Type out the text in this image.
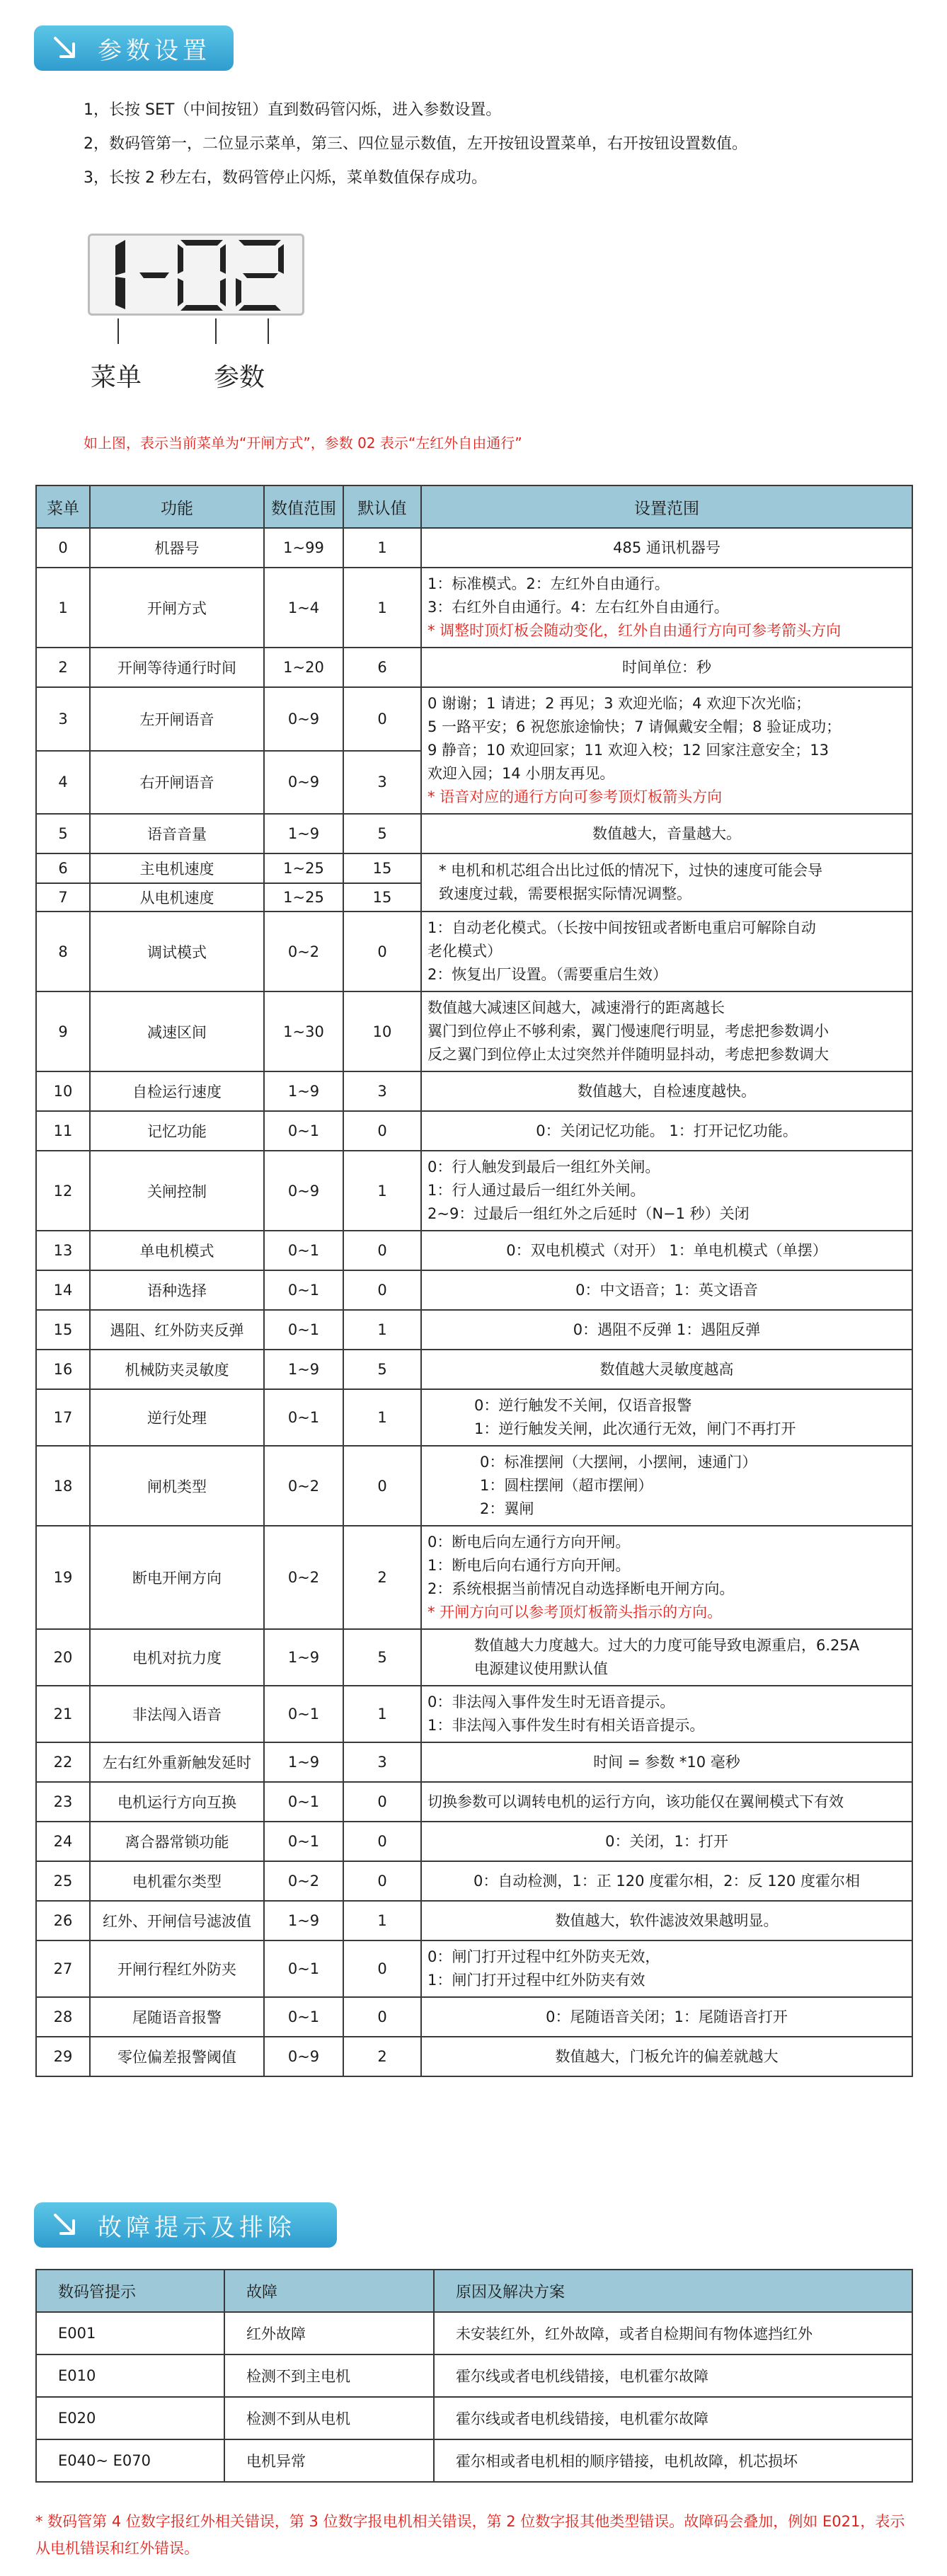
参数设置
1，长按 SET（中间按钮）直到数码管闪烁，进入参数设置。
2，数码管第一，二位显示菜单，第三、四位显示数值，左开按钮设置菜单，右开按钮设置数值。
3，长按 2 秒左右，数码管停止闪烁，菜单数值保存成功。
菜单	参数
如上图，表示当前菜单为“开闸方式”，参数 02 表示“左红外自由通行”
菜单	功能	数值范围	默认值	设置范围
0	机器号	1~99	1	485 通讯机器号

1	开闸方式	1~4	1	1：标准模式。2：左红外自由通行。
3：右红外自由通行。4：左右红外自由通行。
* 调整时顶灯板会随动变化，红外自由通行方向可参考箭头方向

2	开闸等待通行时间	1~20	6	时间单位：秒

3	左开闸语音	0~9	0	0 谢谢；1 请进；2 再见；3 欢迎光临；4 欢迎下次光临；
5 一路平安；6 祝您旅途愉快；7 请佩戴安全帽；8 验证成功；
9 静音；10 欢迎回家；11 欢迎入校；12 回家注意安全；13
欢迎入园；14 小朋友再见。
* 语音对应的通行方向可参考顶灯板箭头方向

4	右开闸语音	0~9	3	
5	语音音量	1~9	5	数值越大，音量越大。

6	主电机速度	1~25	15	* 电机和机芯组合出比过低的情况下，过快的速度可能会导
致速度过载，需要根据实际情况调整。

7	从电机速度	1~25	15	
8	调试模式	0~2	0	1：自动老化模式。（长按中间按钮或者断电重启可解除自动
老化模式）
2：恢复出厂设置。（需要重启生效）

9	减速区间	1~30	10	数值越大减速区间越大，减速滑行的距离越长
翼门到位停止不够利索，翼门慢速爬行明显，考虑把参数调小
反之翼门到位停止太过突然并伴随明显抖动，考虑把参数调大

10	自检运行速度	1~9	3	数值越大，自检速度越快。

11	记忆功能	0~1	0	0：关闭记忆功能。 1：打开记忆功能。

12	关闸控制	0~9	1	0：行人触发到最后一组红外关闸。
1：行人通过最后一组红外关闸。
2~9：过最后一组红外之后延时（N−1 秒）关闭

13	单电机模式	0~1	0	0：双电机模式（对开） 1：单电机模式（单摆）

14	语种选择	0~1	0	0：中文语音；1：英文语音

15	遇阻、红外防夹反弹	0~1	1	0：遇阻不反弹 1：遇阻反弹

16	机械防夹灵敏度	1~9	5	数值越大灵敏度越高

17	逆行处理	0~1	1	0：逆行触发不关闸，仅语音报警
1：逆行触发关闸，此次通行无效，闸门不再打开

18	闸机类型	0~2	0	0：标准摆闸（大摆闸，小摆闸，速通门）
1：圆柱摆闸（超市摆闸）
2：翼闸

19	断电开闸方向	0~2	2	0：断电后向左通行方向开闸。
1：断电后向右通行方向开闸。
2：系统根据当前情况自动选择断电开闸方向。
* 开闸方向可以参考顶灯板箭头指示的方向。

20	电机对抗力度	1~9	5	数值越大力度越大。过大的力度可能导致电源重启，6.25A
电源建议使用默认值

21	非法闯入语音	0~1	1	0：非法闯入事件发生时无语音提示。
1：非法闯入事件发生时有相关语音提示。

22	左右红外重新触发延时	1~9	3	时间 = 参数 *10 毫秒

23	电机运行方向互换	0~1	0	切换参数可以调转电机的运行方向，该功能仅在翼闸模式下有效

24	离合器常锁功能	0~1	0	0：关闭，1：打开

25	电机霍尔类型	0~2	0	0：自动检测，1：正 120 度霍尔相，2：反 120 度霍尔相

26	红外、开闸信号滤波值	1~9	1	数值越大，软件滤波效果越明显。

27	开闸行程红外防夹	0~1	0	0：闸门打开过程中红外防夹无效，
1：闸门打开过程中红外防夹有效

28	尾随语音报警	0~1	0	0：尾随语音关闭；1：尾随语音打开

29	零位偏差报警阈值	0~9	2	数值越大，门板允许的偏差就越大
故障提示及排除
数码管提示	故障	原因及解决方案
E001	红外故障	未安装红外，红外故障，或者自检期间有物体遮挡红外
E010	检测不到主电机	霍尔线或者电机线错接，电机霍尔故障
E020	检测不到从电机	霍尔线或者电机线错接，电机霍尔故障
E040~ E070	电机异常	霍尔相或者电机相的顺序错接，电机故障，机芯损坏
* 数码管第 4 位数字报红外相关错误，第 3 位数字报电机相关错误，第 2 位数字报其他类型错误。故障码会叠加，例如 E021，表示从电机错误和红外错误。
